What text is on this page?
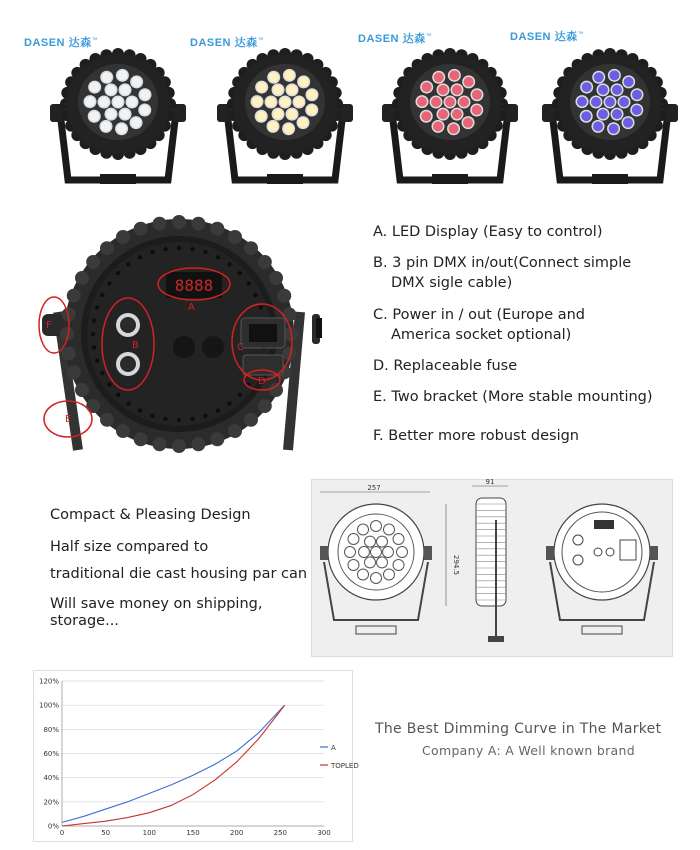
DASEN 达森™	DASEN 达森™	DASEN 达森™	DASEN 达森™
8888
A
B	C
D
E
F
A. LED Display (Easy to control)
B. 3 pin DMX in/out(Connect simple
DMX sigle cable)
C. Power in / out (Europe and
America socket optional)
D. Replaceable fuse
E. Two bracket (More stable mounting)
F. Better more robust design
Compact & Pleasing Design
Half size compared to
traditional die cast housing par can
Will save money on shipping,
storage...
257
294.5
91
0%
20%
40%
60%
80%
100%
120%
0	50	100	150	200	250	300
A
TOPLED
The Best Dimming Curve in The Market
Company A: A Well known brand
